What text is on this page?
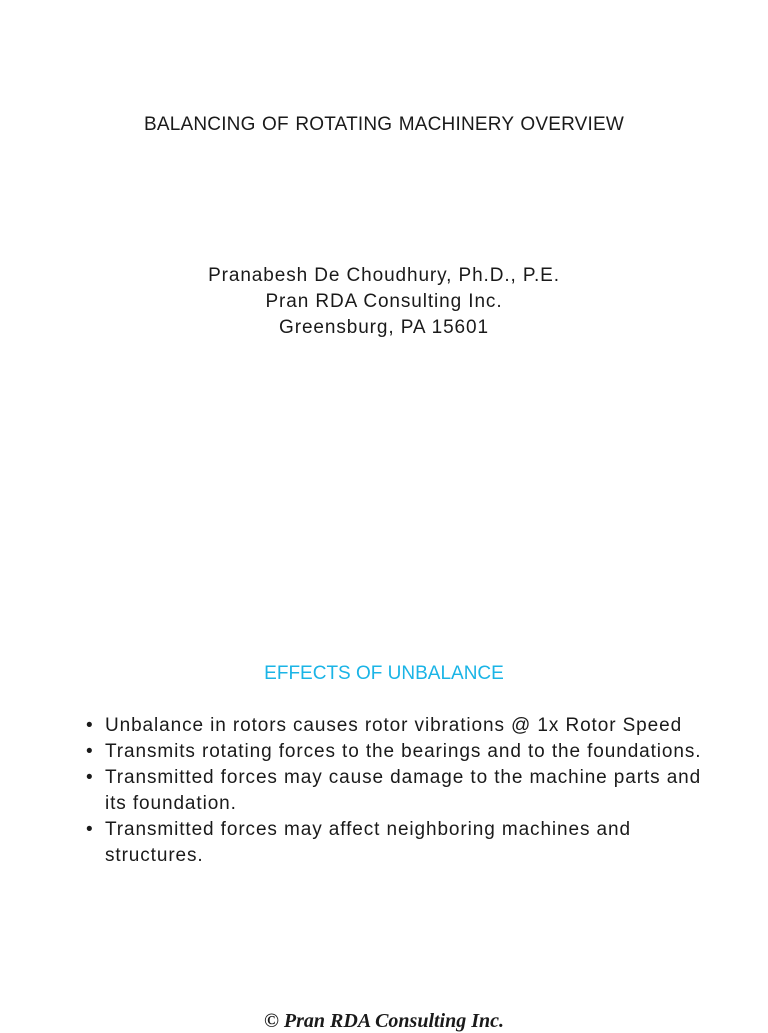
BALANCING OF ROTATING MACHINERY OVERVIEW
Pranabesh De Choudhury, Ph.D., P.E.
Pran RDA Consulting Inc.
Greensburg, PA 15601
EFFECTS OF UNBALANCE
• Unbalance in rotors causes rotor vibrations @ 1x Rotor Speed
• Transmits rotating forces to the bearings and to the foundations.
• Transmitted forces may cause damage to the machine parts and its foundation.
• Transmitted forces may affect neighboring machines and structures.
© Pran RDA Consulting Inc.
